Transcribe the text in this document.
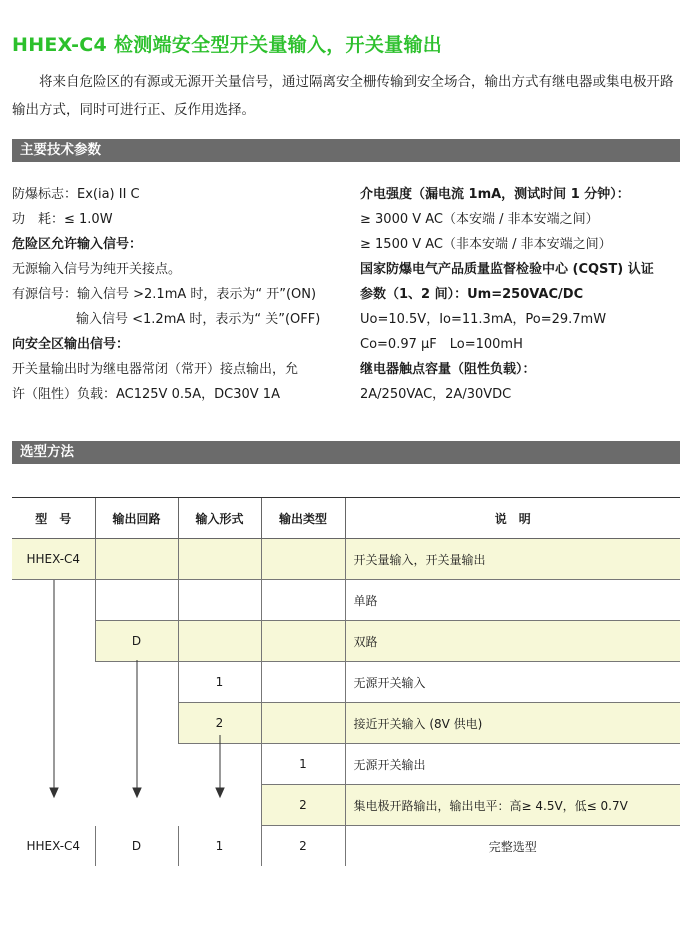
HHEX-C4 检测端安全型开关量输入，开关量输出
将来自危险区的有源或无源开关量信号，通过隔离安全栅传输到安全场合，输出方式有继电器或集电极开路输出方式，同时可进行正、反作用选择。
主要技术参数
防爆标志：Ex(ia) II C
功　耗：≤ 1.0W
危险区允许输入信号：
无源输入信号为纯开关接点。
有源信号：输入信号 >2.1mA 时，表示为“ 开”(ON)
输入信号 <1.2mA 时，表示为“ 关”(OFF)
向安全区输出信号：
开关量输出时为继电器常闭（常开）接点输出，允
许（阻性）负载：AC125V 0.5A，DC30V 1A
介电强度（漏电流 1mA，测试时间 1 分钟）：
≥ 3000 V AC（本安端 / 非本安端之间）
≥ 1500 V AC（非本安端 / 非本安端之间）
国家防爆电气产品质量监督检验中心 (CQST) 认证
参数（1、2 间）：Um=250VAC/DC
Uo=10.5V，Io=11.3mA，Po=29.7mW
Co=0.97 μF　Lo=100mH
继电器触点容量（阻性负载）：
2A/250VAC，2A/30VDC
选型方法
型　号	输出回路	输入形式	输出类型	说　明
HHEX-C4				开关量输入，开关量输出
				单路
	D			双路
		1		无源开关输入
		2		接近开关输入 (8V 供电)
			1	无源开关输出
			2	集电极开路输出，输出电平：高≥ 4.5V，低≤ 0.7V
HHEX-C4	D	1	2	完整选型
